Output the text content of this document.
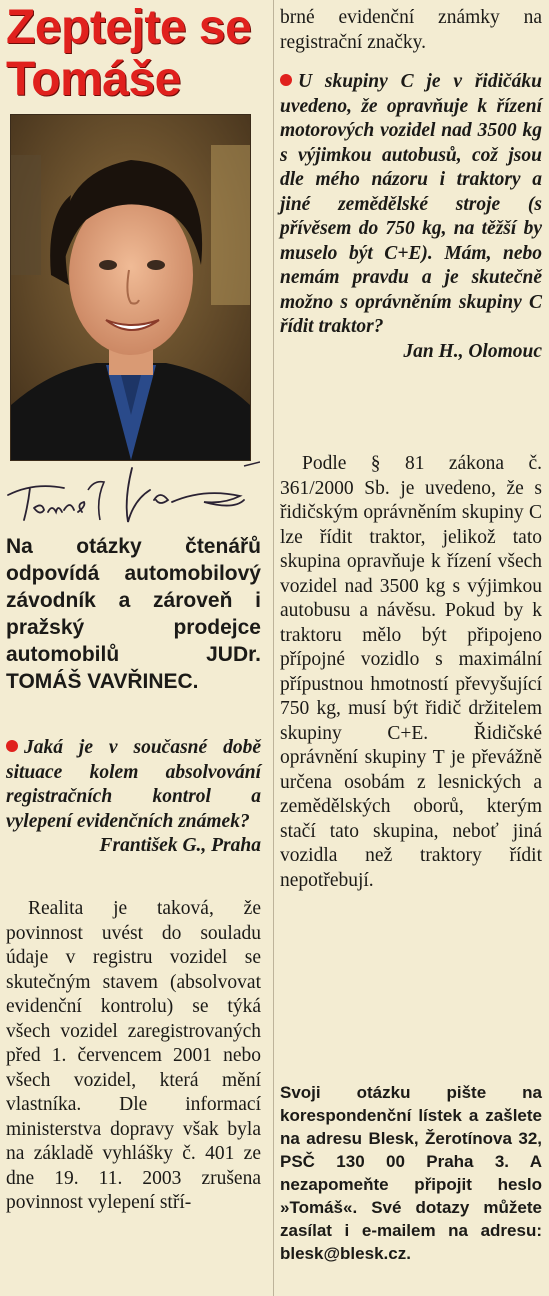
Zeptejte se
Tomáše

Na otázky čtenářů odpovídá automobilový závodník a zároveň i pražský prodejce automobilů JUDr. TOMÁŠ VAVŘINEC.

Jaká je v současné době situace kolem absolvování registračních kontrol a vylepení evidenčních známek?
František G., Praha

Realita je taková, že povinnost uvést do souladu údaje v registru vozidel se skutečným stavem (absolvovat evidenční kontrolu) se týká všech vozidel zaregistrovaných před 1. červencem 2001 nebo všech vozidel, která mění vlastníka. Dle informací ministerstva dopravy však byla na základě vyhlášky č. 401 ze dne 19. 11. 2003 zrušena povinnost vylepení stří-

brné evidenční známky na registrační značky.

U skupiny C je v řidičáku uvedeno, že opravňuje k řízení motorových vozidel nad 3500 kg s výjimkou autobusů, což jsou dle mého názoru i traktory a jiné zemědělské stroje (s přívěsem do 750 kg, na těžší by muselo být C+E). Mám, nebo nemám pravdu a je skutečně možno s oprávněním skupiny C řídit traktor?
Jan H., Olomouc

Podle § 81 zákona č. 361/2000 Sb. je uvedeno, že s řidičským oprávněním skupiny C lze řídit traktor, jelikož tato skupina opravňuje k řízení všech vozidel nad 3500 kg s výjimkou autobusu a návěsu. Pokud by k traktoru mělo být připojeno přípojné vozidlo s maximální přípustnou hmotností převyšující 750 kg, musí být řidič držitelem skupiny C+E. Řidičské oprávnění skupiny T je převážně určena osobám z lesnických a zemědělských oborů, kterým stačí tato skupina, neboť jiná vozidla než traktory řídit nepotřebují.

Svoji otázku pište na korespondenční lístek a zašlete na adresu Blesk, Žerotínova 32, PSČ 130 00 Praha 3. A nezapomeňte připojit heslo »Tomáš«. Své dotazy můžete zasílat i e-mailem na adresu: blesk@blesk.cz.
